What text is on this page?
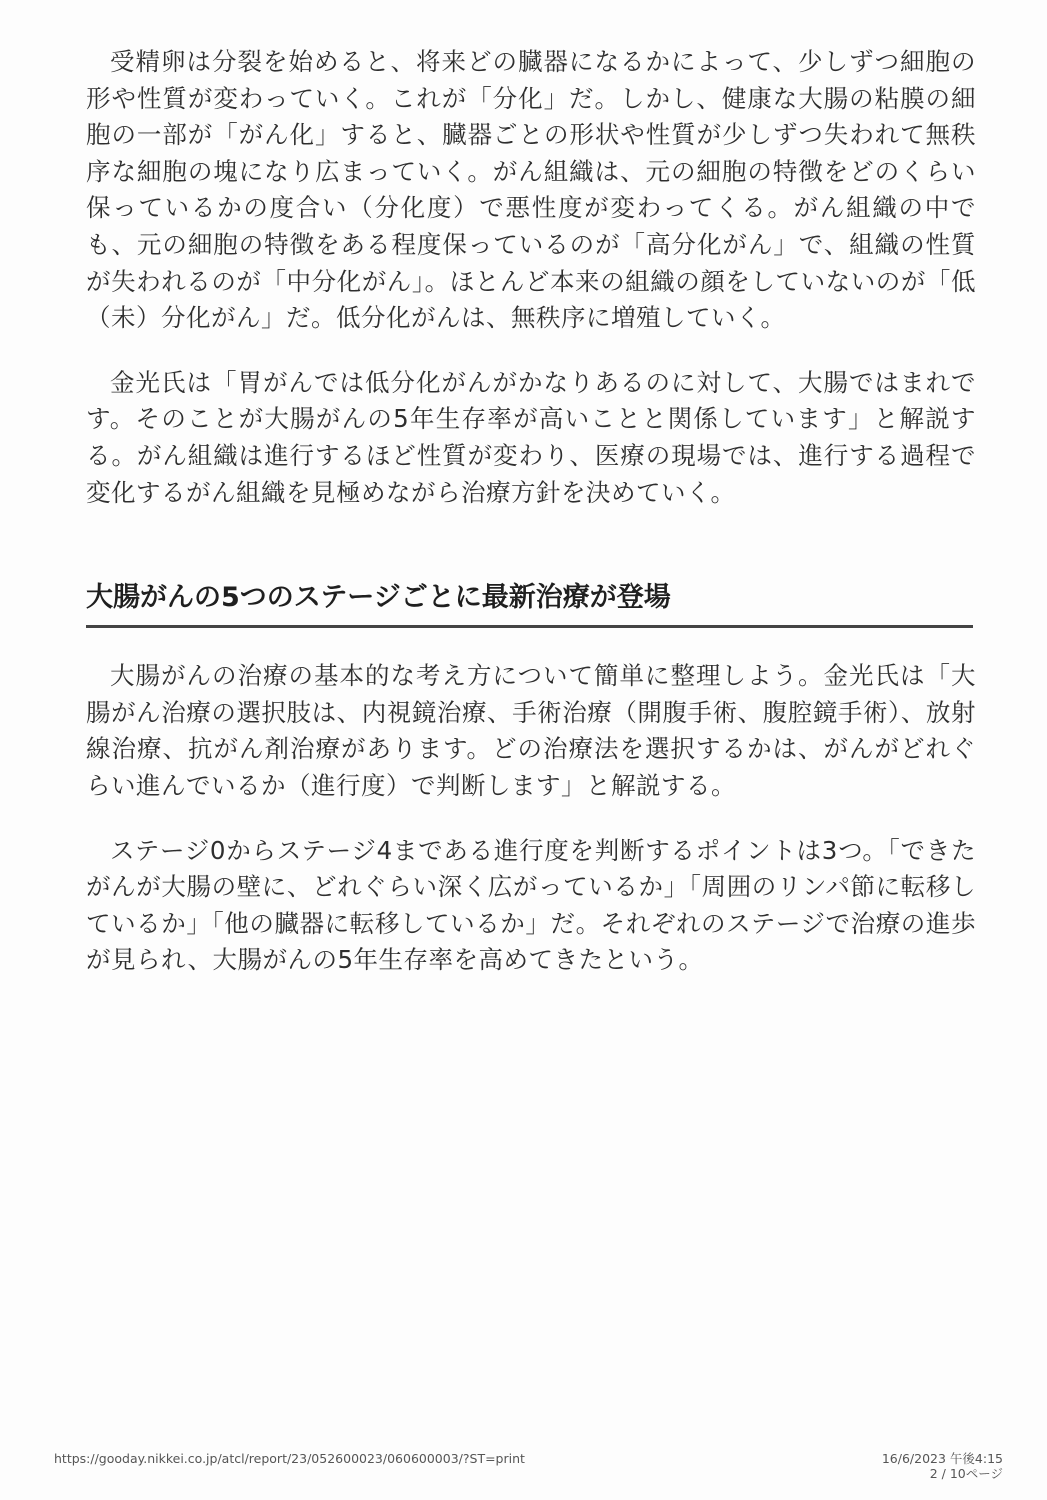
受精卵は分裂を始めると、将来どの臓器になるかによって、少しずつ細胞の形や性質が変わっていく。これが「分化」だ。しかし、健康な大腸の粘膜の細胞の一部が「がん化」すると、臓器ごとの形状や性質が少しずつ失われて無秩序な細胞の塊になり広まっていく。がん組織は、元の細胞の特徴をどのくらい保っているかの度合い（分化度）で悪性度が変わってくる。がん組織の中でも、元の細胞の特徴をある程度保っているのが「高分化がん」で、組織の性質が失われるのが「中分化がん」。ほとんど本来の組織の顔をしていないのが「低（未）分化がん」だ。低分化がんは、無秩序に増殖していく。

金光氏は「胃がんでは低分化がんがかなりあるのに対して、大腸ではまれです。そのことが大腸がんの5年生存率が高いことと関係しています」と解説する。がん組織は進行するほど性質が変わり、医療の現場では、進行する過程で変化するがん組織を見極めながら治療方針を決めていく。

大腸がんの5つのステージごとに最新治療が登場

大腸がんの治療の基本的な考え方について簡単に整理しよう。金光氏は「大腸がん治療の選択肢は、内視鏡治療、手術治療（開腹手術、腹腔鏡手術）、放射線治療、抗がん剤治療があります。どの治療法を選択するかは、がんがどれぐらい進んでいるか（進行度）で判断します」と解説する。

ステージ0からステージ4まである進行度を判断するポイントは3つ。「できたがんが大腸の壁に、どれぐらい深く広がっているか」「周囲のリンパ節に転移しているか」「他の臓器に転移しているか」だ。それぞれのステージで治療の進歩が見られ、大腸がんの5年生存率を高めてきたという。

https://gooday.nikkei.co.jp/atcl/report/23/052600023/060600003/?ST=print	16/6/2023 午後4:15
2 / 10ページ
